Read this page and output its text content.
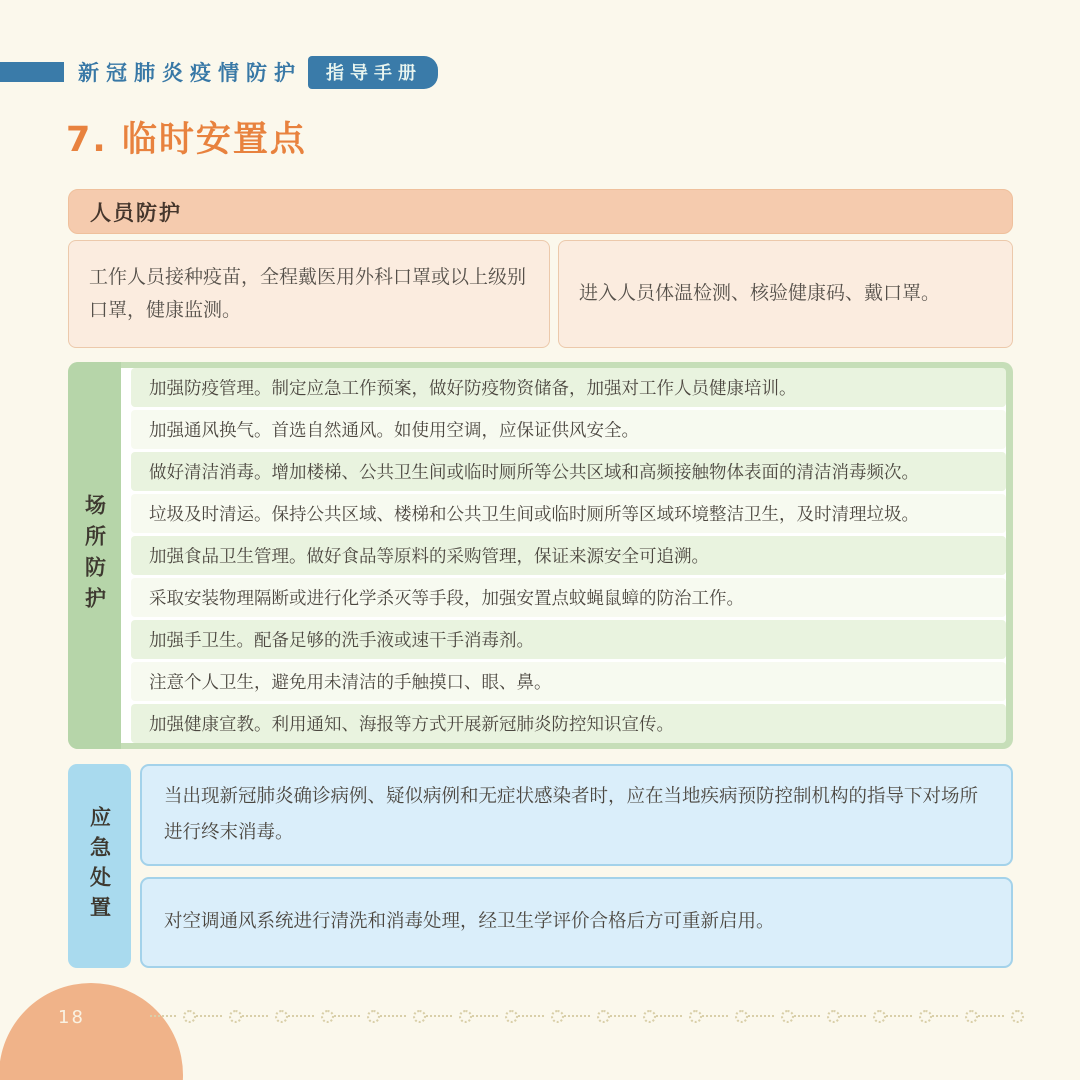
新冠肺炎疫情防护	指导手册
7. 临时安置点
人员防护

工作人员接种疫苗，全程戴医用外科口罩或以上级别口罩，健康监测。

进入人员体温检测、核验健康码、戴口罩。

场所防护
加强防疫管理。制定应急工作预案，做好防疫物资储备，加强对工作人员健康培训。
加强通风换气。首选自然通风。如使用空调，应保证供风安全。
做好清洁消毒。增加楼梯、公共卫生间或临时厕所等公共区域和高频接触物体表面的清洁消毒频次。
垃圾及时清运。保持公共区域、楼梯和公共卫生间或临时厕所等区域环境整洁卫生，及时清理垃圾。
加强食品卫生管理。做好食品等原料的采购管理，保证来源安全可追溯。
采取安装物理隔断或进行化学杀灭等手段，加强安置点蚊蝇鼠蟑的防治工作。
加强手卫生。配备足够的洗手液或速干手消毒剂。
注意个人卫生，避免用未清洁的手触摸口、眼、鼻。
加强健康宣教。利用通知、海报等方式开展新冠肺炎防控知识宣传。
应急处置

当出现新冠肺炎确诊病例、疑似病例和无症状感染者时，应在当地疾病预防控制机构的指导下对场所进行终末消毒。

对空调通风系统进行清洗和消毒处理，经卫生学评价合格后方可重新启用。

18
